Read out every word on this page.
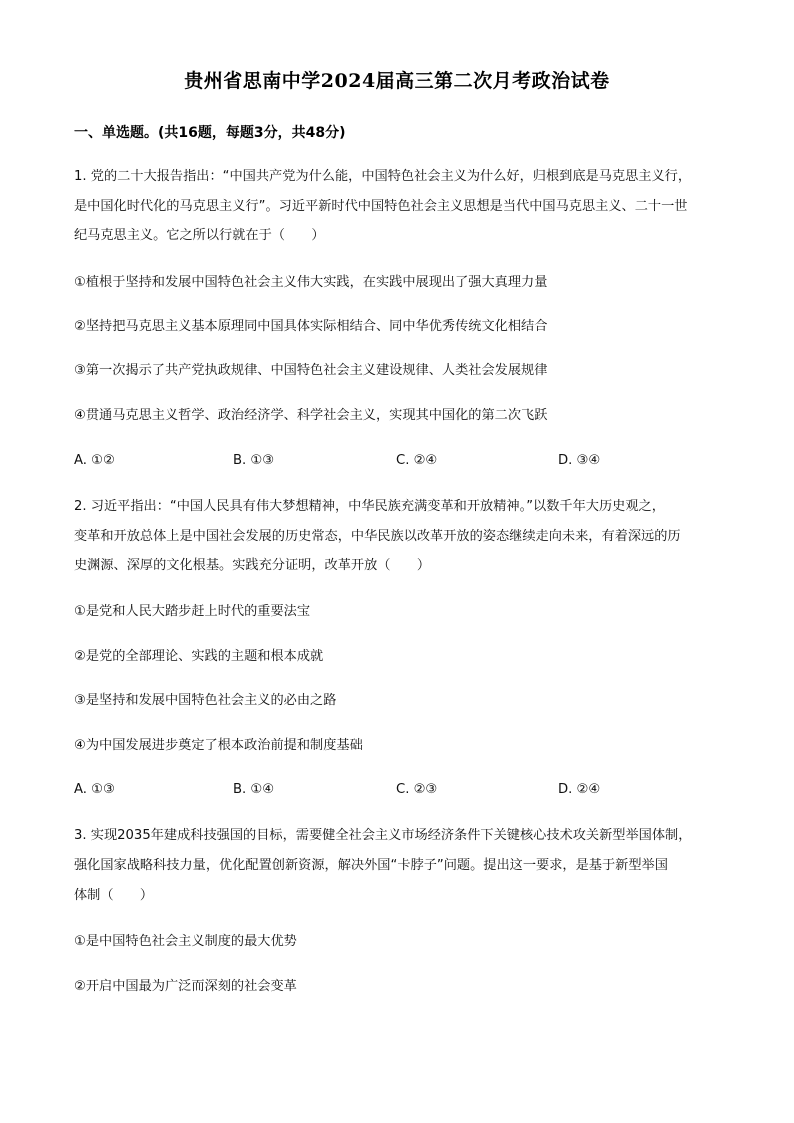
贵州省思南中学2024届高三第二次月考政治试卷
一、单选题。(共16题，每题3分，共48分)
1. 党的二十大报告指出：“中国共产党为什么能，中国特色社会主义为什么好，归根到底是马克思主义行，
是中国化时代化的马克思主义行”。习近平新时代中国特色社会主义思想是当代中国马克思主义、二十一世
纪马克思主义。它之所以行就在于（　　）
①植根于坚持和发展中国特色社会主义伟大实践，在实践中展现出了强大真理力量
②坚持把马克思主义基本原理同中国具体实际相结合、同中华优秀传统文化相结合
③第一次揭示了共产党执政规律、中国特色社会主义建设规律、人类社会发展规律
④贯通马克思主义哲学、政治经济学、科学社会主义，实现其中国化的第二次飞跃
A. ①②	B. ①③	C. ②④	D. ③④
2. 习近平指出：“中国人民具有伟大梦想精神，中华民族充满变革和开放精神。”以数千年大历史观之，
变革和开放总体上是中国社会发展的历史常态，中华民族以改革开放的姿态继续走向未来，有着深远的历
史渊源、深厚的文化根基。实践充分证明，改革开放（　　）
①是党和人民大踏步赶上时代的重要法宝
②是党的全部理论、实践的主题和根本成就
③是坚持和发展中国特色社会主义的必由之路
④为中国发展进步奠定了根本政治前提和制度基础
A. ①③	B. ①④	C. ②③	D. ②④
3. 实现2035年建成科技强国的目标，需要健全社会主义市场经济条件下关键核心技术攻关新型举国体制，
强化国家战略科技力量，优化配置创新资源，解决外国“卡脖子”问题。提出这一要求，是基于新型举国
体制（　　）
①是中国特色社会主义制度的最大优势
②开启中国最为广泛而深刻的社会变革
